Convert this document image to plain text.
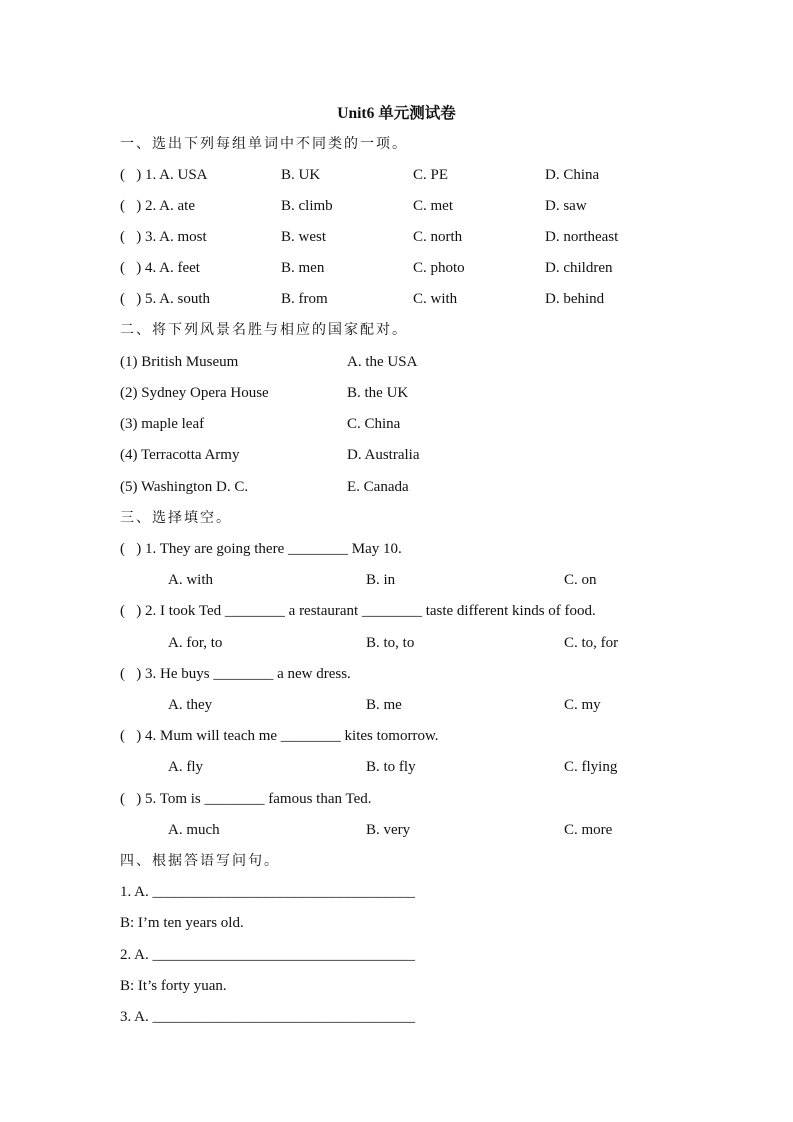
Unit6 单元测试卷
一、选出下列每组单词中不同类的一项。
(   ) 1. A. USA	B. UK	C. PE	D. China
(   ) 2. A. ate	B. climb	C. met	D. saw
(   ) 3. A. most	B. west	C. north	D. northeast
(   ) 4. A. feet	B. men	C. photo	D. children
(   ) 5. A. south	B. from	C. with	D. behind
二、将下列风景名胜与相应的国家配对。
(1) British Museum	A. the USA
(2) Sydney Opera House	B. the UK
(3) maple leaf	C. China
(4) Terracotta Army	D. Australia
(5) Washington D. C.	E. Canada
三、选择填空。
(   ) 1. They are going there ________ May 10.
A. with	B. in	C. on
(   ) 2. I took Ted ________ a restaurant ________ taste different kinds of food.
A. for, to	B. to, to	C. to, for
(   ) 3. He buys ________ a new dress.
A. they	B. me	C. my
(   ) 4. Mum will teach me ________ kites tomorrow.
A. fly	B. to fly	C. flying
(   ) 5. Tom is ________ famous than Ted.
A. much	B. very	C. more
四、根据答语写问句。
1. A. ___________________________________
B: I’m ten years old.
2. A. ___________________________________
B: It’s forty yuan.
3. A. ___________________________________
